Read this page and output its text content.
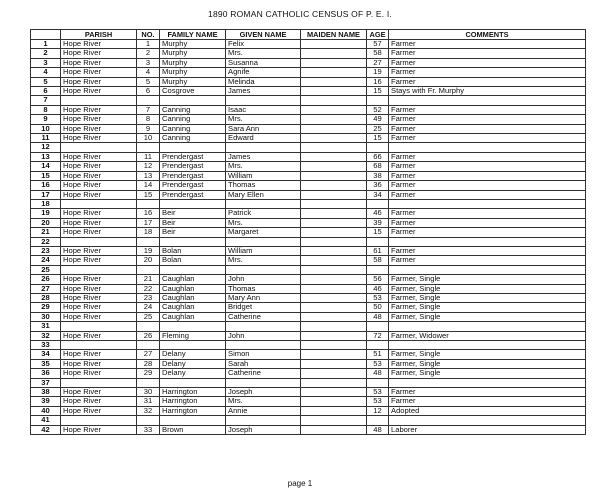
1890 ROMAN CATHOLIC CENSUS OF P. E. I.
	PARISH	NO.	FAMILY NAME	GIVEN NAME	MAIDEN NAME	AGE	COMMENTS
1	Hope River	1	Murphy	Felix		57	Farmer
2	Hope River	2	Murphy	Mrs.		58	Farmer
3	Hope River	3	Murphy	Susanna		27	Farmer
4	Hope River	4	Murphy	Agnife		19	Farmer
5	Hope River	5	Murphy	Melinda		16	Farmer
6	Hope River	6	Cosgrove	James		15	Stays with Fr. Murphy
7							
8	Hope River	7	Canning	Isaac		52	Farmer
9	Hope River	8	Canning	Mrs.		49	Farmer
10	Hope River	9	Canning	Sara Ann		25	Farmer
11	Hope River	10	Canning	Edward		15	Farmer
12							
13	Hope River	11	Prendergast	James		66	Farmer
14	Hope River	12	Prendergast	Mrs.		68	Farmer
15	Hope River	13	Prendergast	William		38	Farmer
16	Hope River	14	Prendergast	Thomas		36	Farmer
17	Hope River	15	Prendergast	Mary Ellen		34	Farmer
18							
19	Hope River	16	Beir	Patrick		46	Farmer
20	Hope River	17	Beir	Mrs.		39	Farmer
21	Hope River	18	Beir	Margaret		15	Farmer
22							
23	Hope River	19	Bolan	William		61	Farmer
24	Hope River	20	Bolan	Mrs.		58	Farmer
25							
26	Hope River	21	Caughlan	John		56	Farmer, Single
27	Hope River	22	Caughlan	Thomas		46	Farmer, Single
28	Hope River	23	Caughlan	Mary Ann		53	Farmer, Single
29	Hope River	24	Caughlan	Bridget		50	Farmer, Single
30	Hope River	25	Caughlan	Catherine		48	Farmer, Single
31							
32	Hope River	26	Fleming	John		72	Farmer, Widower
33							
34	Hope River	27	Delany	Simon		51	Farmer, Single
35	Hope River	28	Delany	Sarah		53	Farmer, Single
36	Hope River	29	Delany	Catherine		48	Farmer, Single
37							
38	Hope River	30	Harrington	Joseph		53	Farmer
39	Hope River	31	Harrington	Mrs.		53	Farmer
40	Hope River	32	Harrington	Annie		12	Adopted
41							
42	Hope River	33	Brown	Joseph		48	Laborer
page 1
